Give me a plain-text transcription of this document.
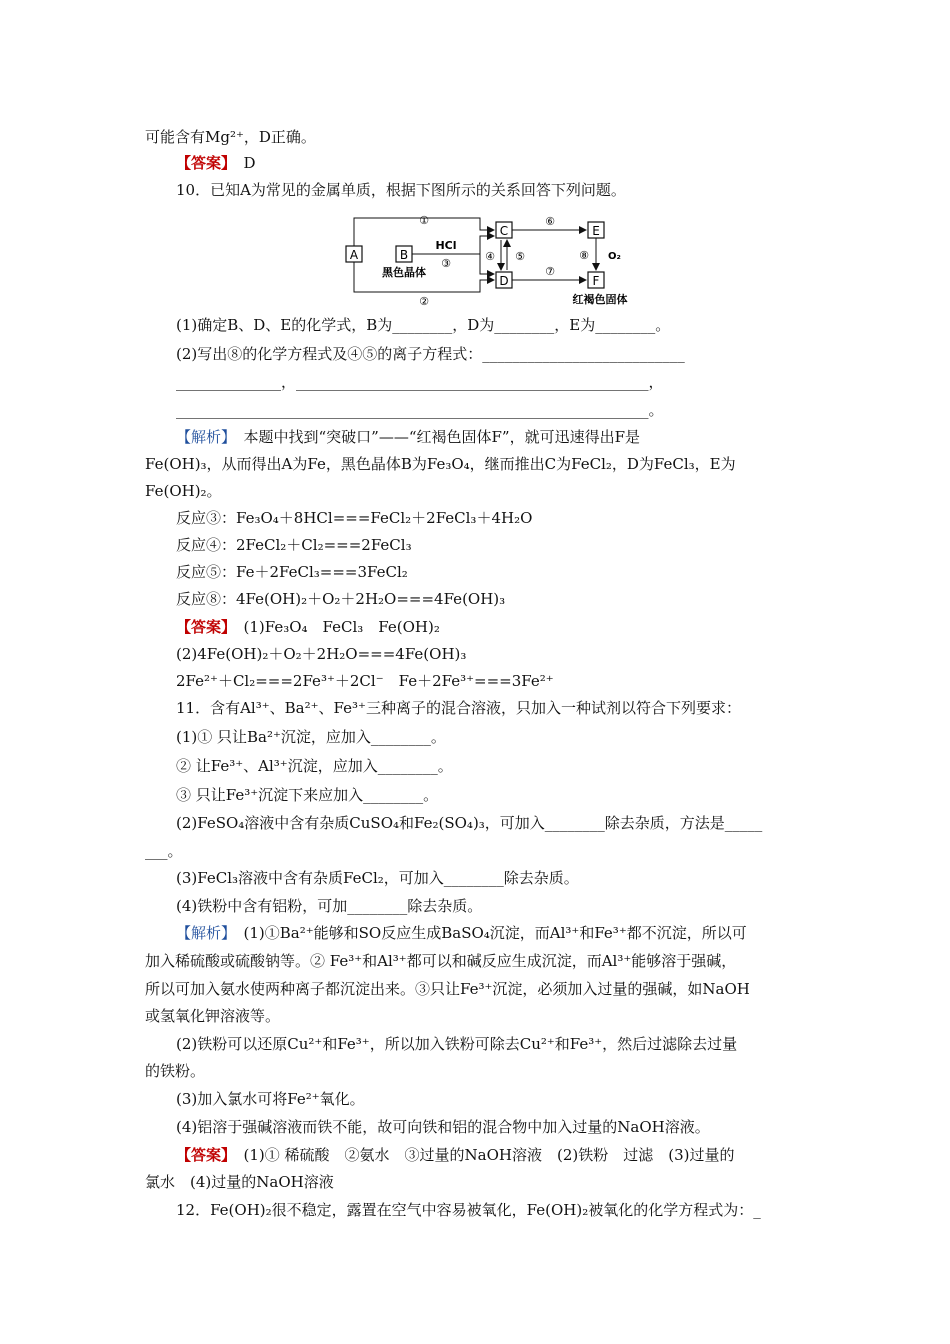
可能含有Mg²⁺，D正确。
【答案】　D
10．已知A为常见的金属单质，根据下图所示的关系回答下列问题。
(1)确定B、D、E的化学式，B为________，D为________，E为________。
(2)写出⑧的化学方程式及④⑤的离子方程式：___________________________
______________，_______________________________________________，
_______________________________________________________________。
【解析】　本题中找到“突破口”——“红褐色固体F”，就可迅速得出F是
Fe(OH)₃，从而得出A为Fe，黑色晶体B为Fe₃O₄，继而推出C为FeCl₂，D为FeCl₃，E为
Fe(OH)₂。
反应③：Fe₃O₄＋8HCl===FeCl₂＋2FeCl₃＋4H₂O
反应④：2FeCl₂＋Cl₂===2FeCl₃
反应⑤：Fe＋2FeCl₃===3FeCl₂
反应⑧：4Fe(OH)₂＋O₂＋2H₂O===4Fe(OH)₃
【答案】　(1)Fe₃O₄　FeCl₃　Fe(OH)₂
(2)4Fe(OH)₂＋O₂＋2H₂O===4Fe(OH)₃
2Fe²⁺＋Cl₂===2Fe³⁺＋2Cl⁻　Fe＋2Fe³⁺===3Fe²⁺
11．含有Al³⁺、Ba²⁺、Fe³⁺三种离子的混合溶液，只加入一种试剂以符合下列要求：
(1)① 只让Ba²⁺沉淀，应加入________。
② 让Fe³⁺、Al³⁺沉淀，应加入________。
③ 只让Fe³⁺沉淀下来应加入________。
(2)FeSO₄溶液中含有杂质CuSO₄和Fe₂(SO₄)₃，可加入________除去杂质，方法是_____
___。
(3)FeCl₃溶液中含有杂质FeCl₂，可加入________除去杂质。
(4)铁粉中含有铝粉，可加________除去杂质。
【解析】　(1)①Ba²⁺能够和SO反应生成BaSO₄沉淀，而Al³⁺和Fe³⁺都不沉淀，所以可
加入稀硫酸或硫酸钠等。② Fe³⁺和Al³⁺都可以和碱反应生成沉淀，而Al³⁺能够溶于强碱，
所以可加入氨水使两种离子都沉淀出来。③只让Fe³⁺沉淀，必须加入过量的强碱，如NaOH
或氢氧化钾溶液等。
(2)铁粉可以还原Cu²⁺和Fe³⁺，所以加入铁粉可除去Cu²⁺和Fe³⁺，然后过滤除去过量
的铁粉。
(3)加入氯水可将Fe²⁺氧化。
(4)铝溶于强碱溶液而铁不能，故可向铁和铝的混合物中加入过量的NaOH溶液。
【答案】　(1)① 稀硫酸　②氨水　③过量的NaOH溶液　(2)铁粉　过滤　(3)过量的
氯水　(4)过量的NaOH溶液
12．Fe(OH)₂很不稳定，露置在空气中容易被氧化，Fe(OH)₂被氧化的化学方程式为：_
A	B
C
D
E
F
①
②
HCl
③
黑色晶体
④ ⑤
⑥
⑦
⑧ O₂
红褐色固体
